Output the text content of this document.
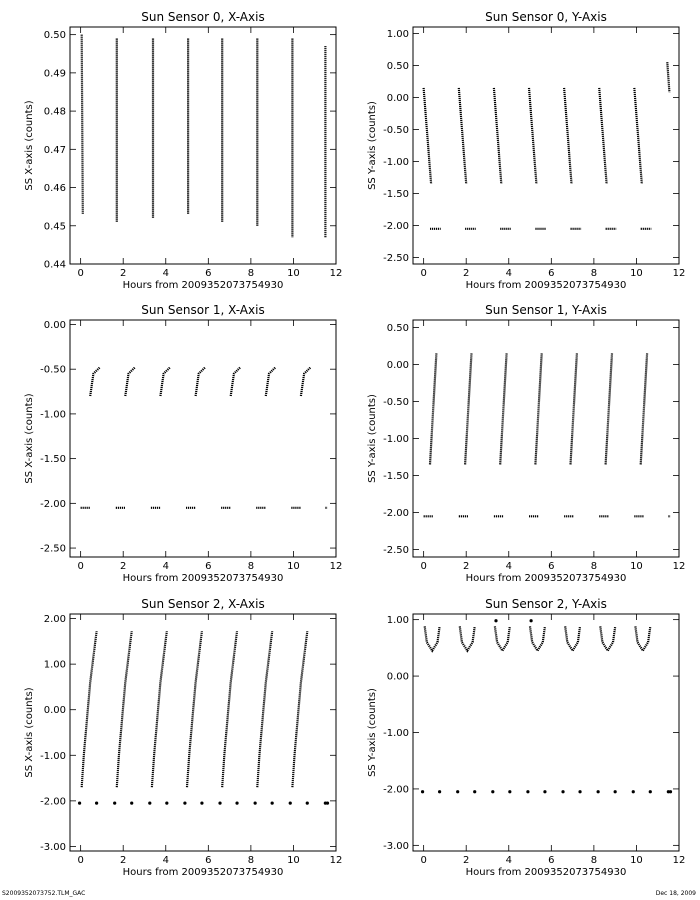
Sun Sensor 0, X-Axis
0	2	4	6	8	10	12
0.44
0.45
0.46
0.47
0.48
0.49
0.50
Hours from 2009352073754930
SS X-axis (counts)
Sun Sensor 0, Y-Axis
0	2	4	6	8	10	12
-2.50
-2.00
-1.50
-1.00
-0.50
0.00
0.50
1.00
Hours from 2009352073754930
SS Y-axis (counts)
Sun Sensor 1, X-Axis
0	2	4	6	8	10	12
-2.50
-2.00
-1.50
-1.00
-0.50
0.00
Hours from 2009352073754930
SS X-axis (counts)
Sun Sensor 1, Y-Axis
0	2	4	6	8	10	12
-2.50
-2.00
-1.50
-1.00
-0.50
0.00
0.50
Hours from 2009352073754930
SS Y-axis (counts)
Sun Sensor 2, X-Axis
0	2	4	6	8	10	12
-3.00
-2.00
-1.00
0.00
1.00
2.00
Hours from 2009352073754930
SS X-axis (counts)
Sun Sensor 2, Y-Axis
0	2	4	6	8	10	12
-3.00
-2.00
-1.00
0.00
1.00
Hours from 2009352073754930
SS Y-axis (counts)
S2009352073752.TLM_GAC	Dec 18, 2009
